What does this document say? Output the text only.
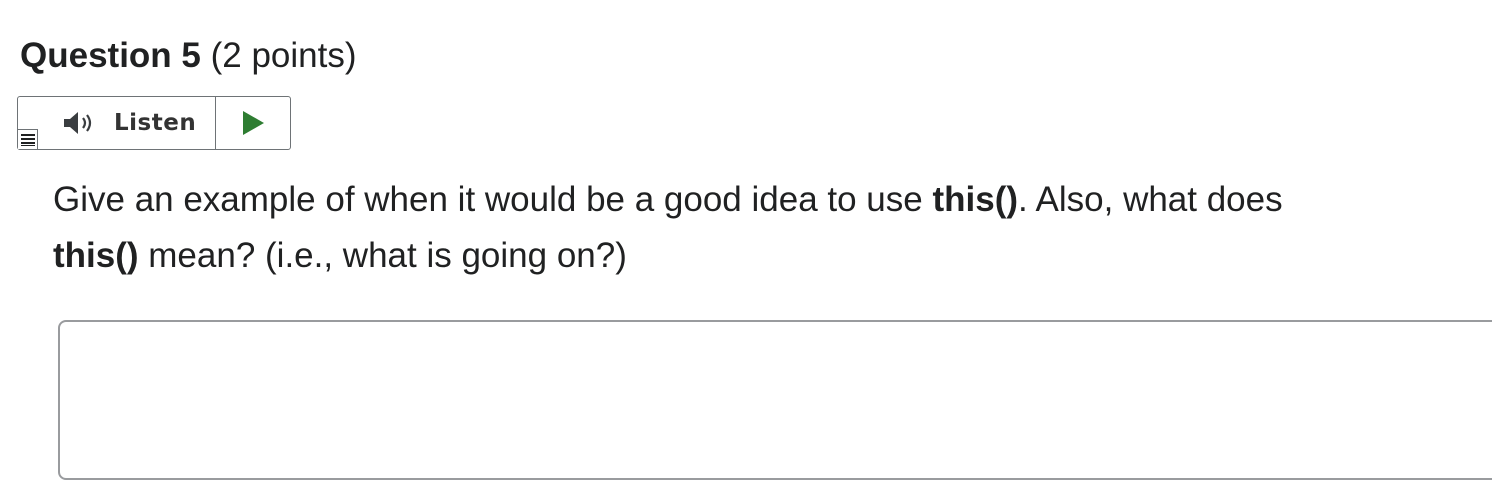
Question 5 (2 points)
Listen
Give an example of when it would be a good idea to use this(). Also, what does this() mean? (i.e., what is going on?)
